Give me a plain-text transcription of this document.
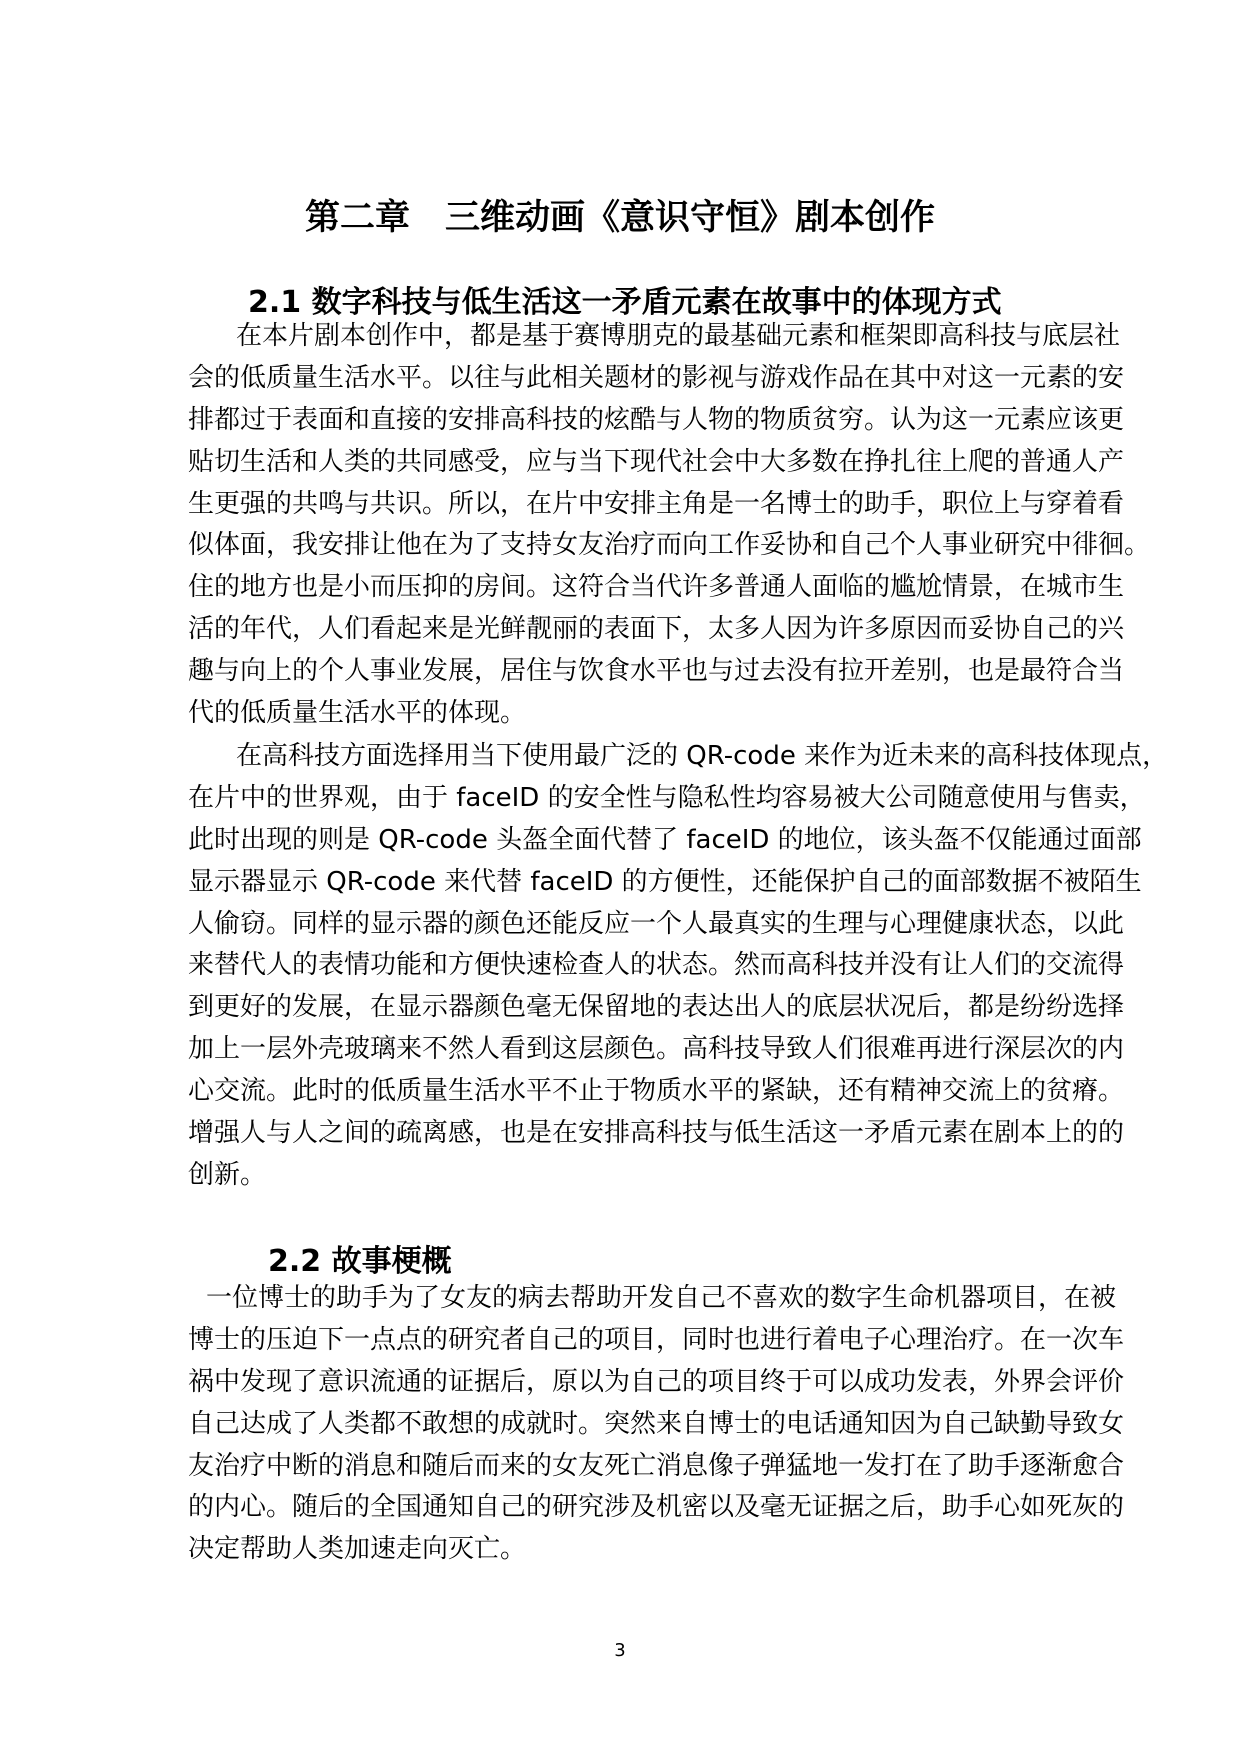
第二章　三维动画《意识守恒》剧本创作
2.1 数字科技与低生活这一矛盾元素在故事中的体现方式
在本片剧本创作中，都是基于赛博朋克的最基础元素和框架即高科技与底层社
会的低质量生活水平。以往与此相关题材的影视与游戏作品在其中对这一元素的安
排都过于表面和直接的安排高科技的炫酷与人物的物质贫穷。认为这一元素应该更
贴切生活和人类的共同感受，应与当下现代社会中大多数在挣扎往上爬的普通人产
生更强的共鸣与共识。所以，在片中安排主角是一名博士的助手，职位上与穿着看
似体面，我安排让他在为了支持女友治疗而向工作妥协和自己个人事业研究中徘徊。
住的地方也是小而压抑的房间。这符合当代许多普通人面临的尴尬情景，在城市生
活的年代，人们看起来是光鲜靓丽的表面下，太多人因为许多原因而妥协自己的兴
趣与向上的个人事业发展，居住与饮食水平也与过去没有拉开差别，也是最符合当
代的低质量生活水平的体现。
在高科技方面选择用当下使用最广泛的 QR-code 来作为近未来的高科技体现点，
在片中的世界观，由于 faceID 的安全性与隐私性均容易被大公司随意使用与售卖，
此时出现的则是 QR-code 头盔全面代替了 faceID 的地位，该头盔不仅能通过面部
显示器显示 QR-code 来代替 faceID 的方便性，还能保护自己的面部数据不被陌生
人偷窃。同样的显示器的颜色还能反应一个人最真实的生理与心理健康状态，以此
来替代人的表情功能和方便快速检查人的状态。然而高科技并没有让人们的交流得
到更好的发展，在显示器颜色毫无保留地的表达出人的底层状况后，都是纷纷选择
加上一层外壳玻璃来不然人看到这层颜色。高科技导致人们很难再进行深层次的内
心交流。此时的低质量生活水平不止于物质水平的紧缺，还有精神交流上的贫瘠。
增强人与人之间的疏离感，也是在安排高科技与低生活这一矛盾元素在剧本上的的
创新。
2.2 故事梗概
一位博士的助手为了女友的病去帮助开发自己不喜欢的数字生命机器项目，在被
博士的压迫下一点点的研究者自己的项目，同时也进行着电子心理治疗。在一次车
祸中发现了意识流通的证据后，原以为自己的项目终于可以成功发表，外界会评价
自己达成了人类都不敢想的成就时。突然来自博士的电话通知因为自己缺勤导致女
友治疗中断的消息和随后而来的女友死亡消息像子弹猛地一发打在了助手逐渐愈合
的内心。随后的全国通知自己的研究涉及机密以及毫无证据之后，助手心如死灰的
决定帮助人类加速走向灭亡。
3
